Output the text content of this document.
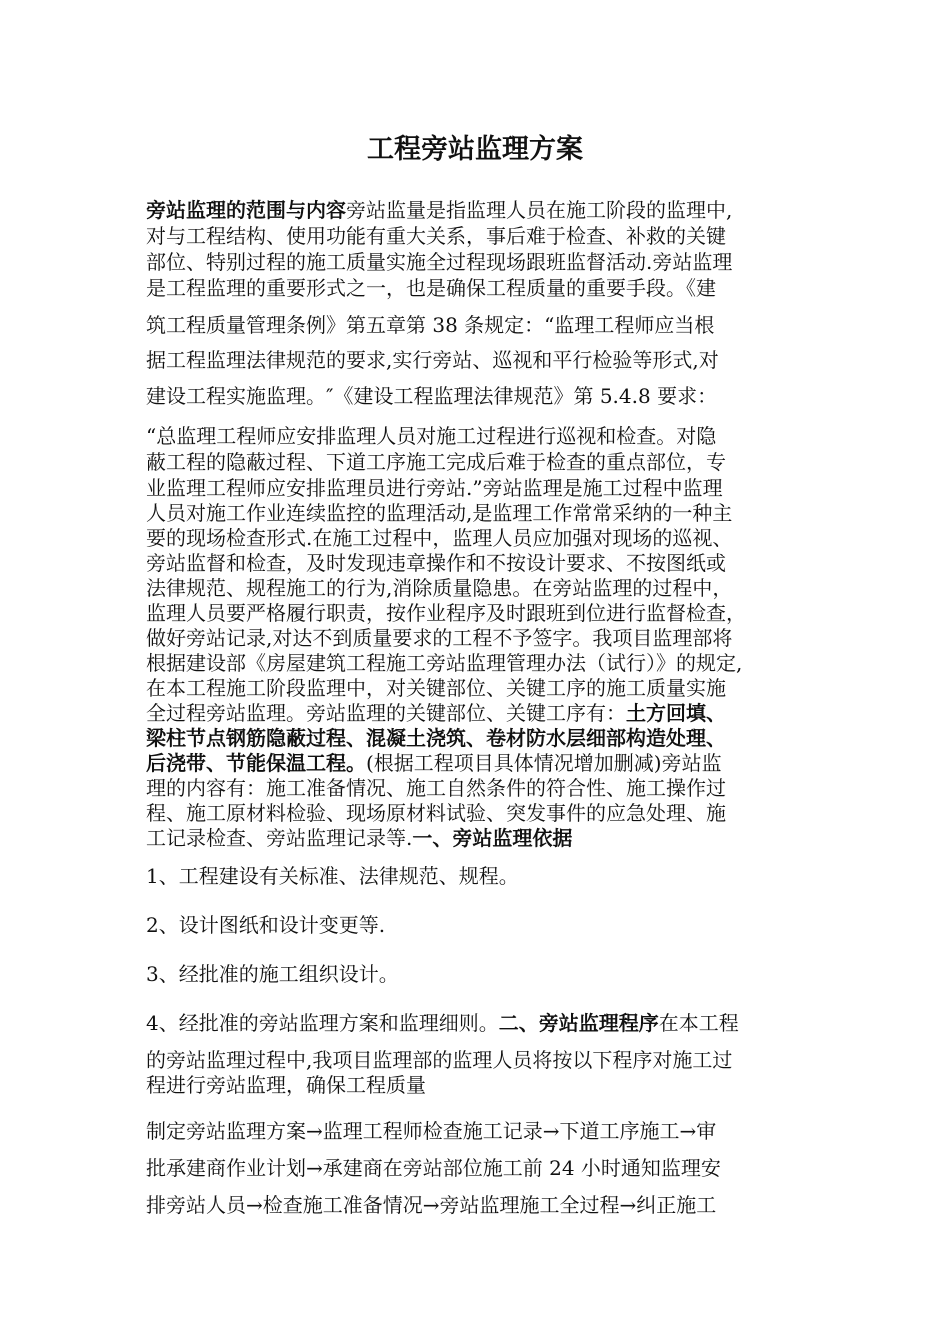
工程旁站监理方案
旁站监理的范围与内容旁站监量是指监理人员在施工阶段的监理中,
对与工程结构、使用功能有重大关系，事后难于检查、补救的关键
部位、特别过程的施工质量实施全过程现场跟班监督活动.旁站监理
是工程监理的重要形式之一，也是确保工程质量的重要手段。《建
筑工程质量管理条例》第五章第 38 条规定：“监理工程师应当根
据工程监理法律规范的要求,实行旁站、巡视和平行检验等形式,对
建设工程实施监理。″《建设工程监理法律规范》第 5.4.8 要求：
“总监理工程师应安排监理人员对施工过程进行巡视和检查。对隐
蔽工程的隐蔽过程、下道工序施工完成后难于检查的重点部位，专
业监理工程师应安排监理员进行旁站.”旁站监理是施工过程中监理
人员对施工作业连续监控的监理活动,是监理工作常常采纳的一种主
要的现场检查形式.在施工过程中，监理人员应加强对现场的巡视、
旁站监督和检查，及时发现违章操作和不按设计要求、不按图纸或
法律规范、规程施工的行为,消除质量隐患。在旁站监理的过程中，
监理人员要严格履行职责，按作业程序及时跟班到位进行监督检查，
做好旁站记录,对达不到质量要求的工程不予签字。我项目监理部将
根据建设部《房屋建筑工程施工旁站监理管理办法（试行）》的规定,
在本工程施工阶段监理中，对关键部位、关键工序的施工质量实施
全过程旁站监理。旁站监理的关键部位、关键工序有：土方回填、
梁柱节点钢筋隐蔽过程、混凝土浇筑、卷材防水层细部构造处理、
后浇带、节能保温工程。(根据工程项目具体情况增加删减)旁站监
理的内容有：施工准备情况、施工自然条件的符合性、施工操作过
程、施工原材料检验、现场原材料试验、突发事件的应急处理、施
工记录检查、旁站监理记录等.一、旁站监理依据
1、工程建设有关标准、法律规范、规程。
2、设计图纸和设计变更等.
3、经批准的施工组织设计。
4、经批准的旁站监理方案和监理细则。二、旁站监理程序在本工程
的旁站监理过程中,我项目监理部的监理人员将按以下程序对施工过
程进行旁站监理，确保工程质量
制定旁站监理方案→监理工程师检查施工记录→下道工序施工→审
批承建商作业计划→承建商在旁站部位施工前 24 小时通知监理安
排旁站人员→检查施工准备情况→旁站监理施工全过程→纠正施工
